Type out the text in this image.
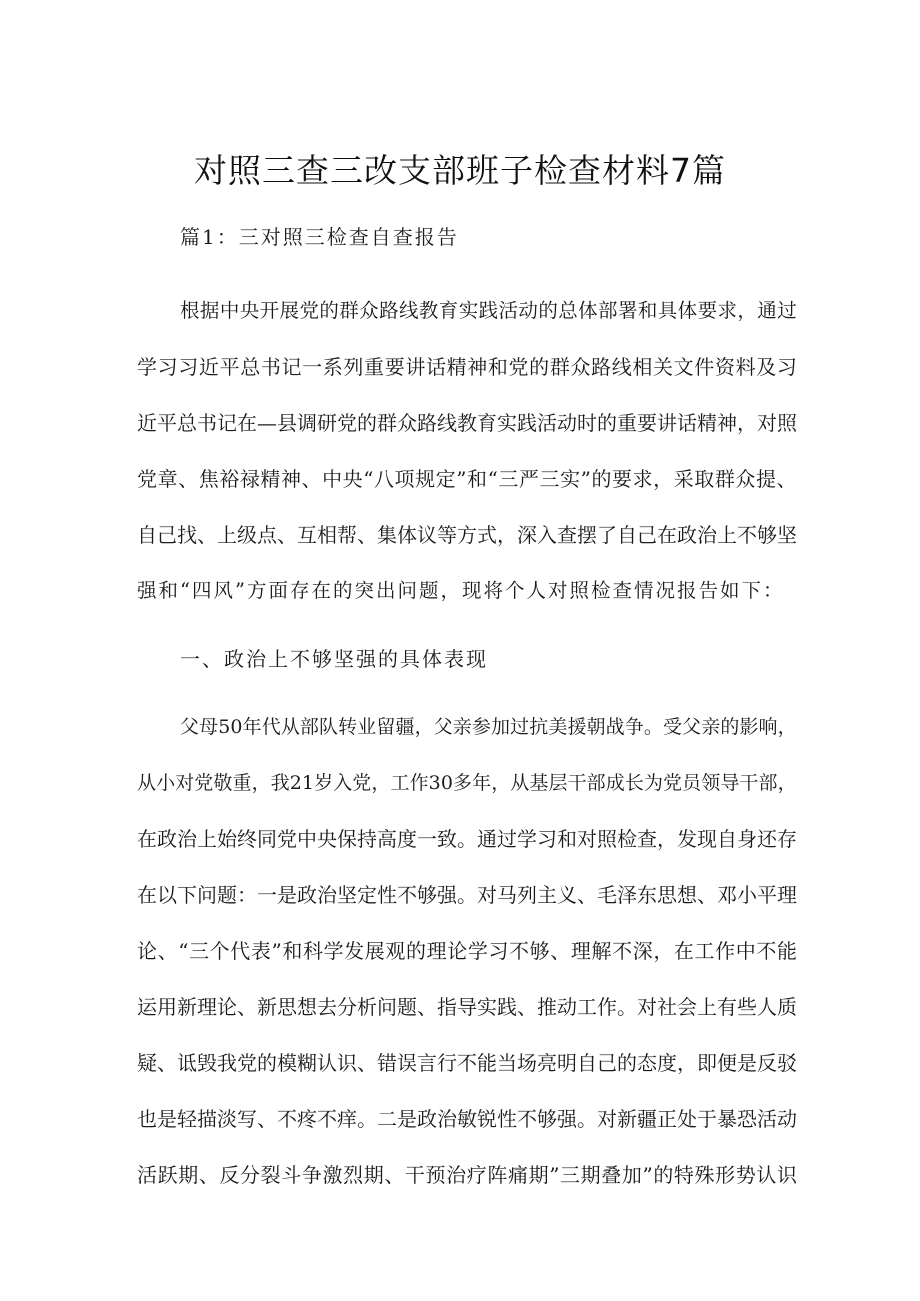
对照三查三改支部班子检查材料7篇
篇1：三对照三检查自查报告
根 据 中 央 开 展 党 的 群 众 路 线 教 育 实 践 活 动 的 总 体 部 署 和 具 体 要 求 ， 通 过
学 习 习 近 平 总 书 记 一 系 列 重 要 讲 话 精 神 和 党 的 群 众 路 线 相 关 文 件 资 料 及 习
近 平 总 书 记 在 — 县 调 研 党 的 群 众 路 线 教 育 实 践 活 动 时 的 重 要 讲 话 精 神 ， 对 照
党 章 、 焦 裕 禄 精 神 、 中 央 “ 八 项 规 定 ” 和 “ 三 严 三 实 ” 的 要 求 ， 采 取 群 众 提 、
自 己 找 、 上 级 点 、 互 相 帮 、 集 体 议 等 方 式 ， 深 入 查 摆 了 自 己 在 政 治 上 不 够 坚
强和“四风”方面存在的突出问题，现将个人对照检查情况报告如下：
一、政治上不够坚强的具体表现
父 母 5 0 年 代 从 部 队 转 业 留 疆 ， 父 亲 参 加 过 抗 美 援 朝 战 争 。 受 父 亲 的 影 响 ，
从 小 对 党 敬 重 ， 我 2 1 岁 入 党 ， 工 作 3 0 多 年 ， 从 基 层 干 部 成 长 为 党 员 领 导 干 部 ，
在 政 治 上 始 终 同 党 中 央 保 持 高 度 一 致 。 通 过 学 习 和 对 照 检 查 ， 发 现 自 身 还 存
在 以 下 问 题 ： 一 是 政 治 坚 定 性 不 够 强 。 对 马 列 主 义 、 毛 泽 东 思 想 、 邓 小 平 理
论 、 “ 三 个 代 表 ” 和 科 学 发 展 观 的 理 论 学 习 不 够 、 理 解 不 深 ， 在 工 作 中 不 能
运 用 新 理 论 、 新 思 想 去 分 析 问 题 、 指 导 实 践 、 推 动 工 作 。 对 社 会 上 有 些 人 质
疑 、 诋 毁 我 党 的 模 糊 认 识 、 错 误 言 行 不 能 当 场 亮 明 自 己 的 态 度 ， 即 便 是 反 驳
也 是 轻 描 淡 写 、 不 疼 不 痒 。 二 是 政 治 敏 锐 性 不 够 强 。 对 新 疆 正 处 于 暴 恐 活 动
活 跃 期 、 反 分 裂 斗 争 激 烈 期 、 干 预 治 疗 阵 痛 期 ” 三 期 叠 加 ” 的 特 殊 形 势 认 识
